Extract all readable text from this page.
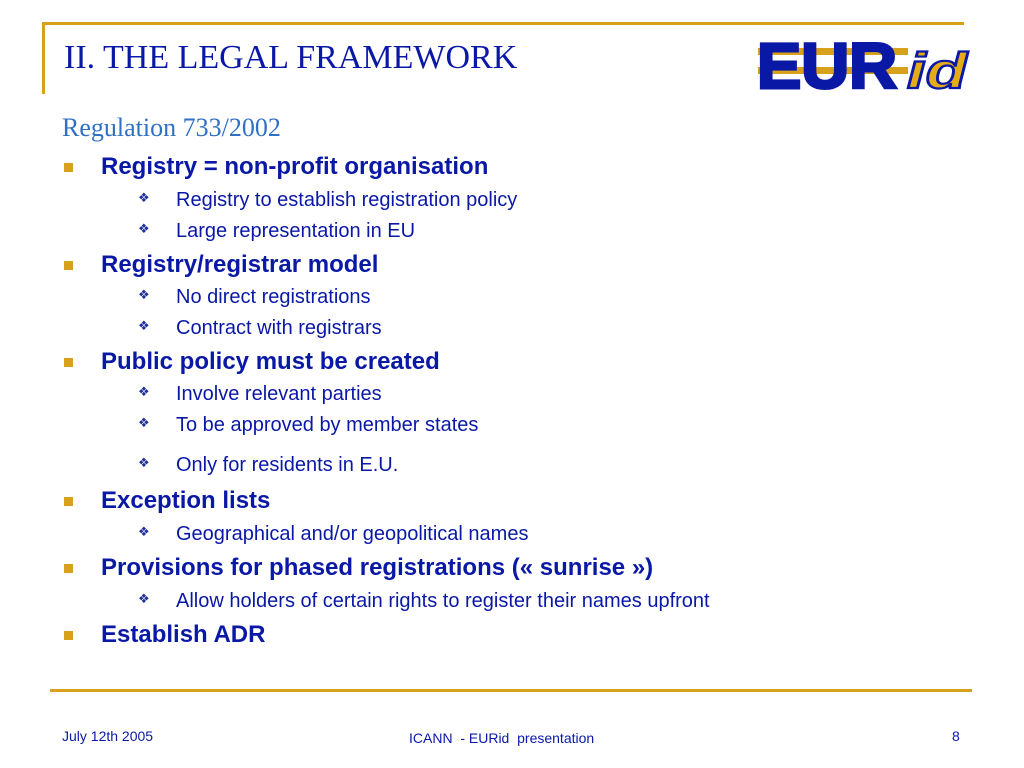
II. THE LEGAL FRAMEWORK	EUR id
Regulation 733/2002
Registry = non-profit organisation
❖ Registry to establish registration policy
❖ Large representation in EU
Registry/registrar model
❖ No direct registrations
❖ Contract with registrars
Public policy must be created
❖ Involve relevant parties
❖ To be approved by member states
❖ Only for residents in E.U.
Exception lists
❖ Geographical and/or geopolitical names
Provisions for phased registrations (« sunrise »)
❖ Allow holders of certain rights to register their names upfront
Establish ADR
July 12th 2005	ICANN  - EURid  presentation	8
